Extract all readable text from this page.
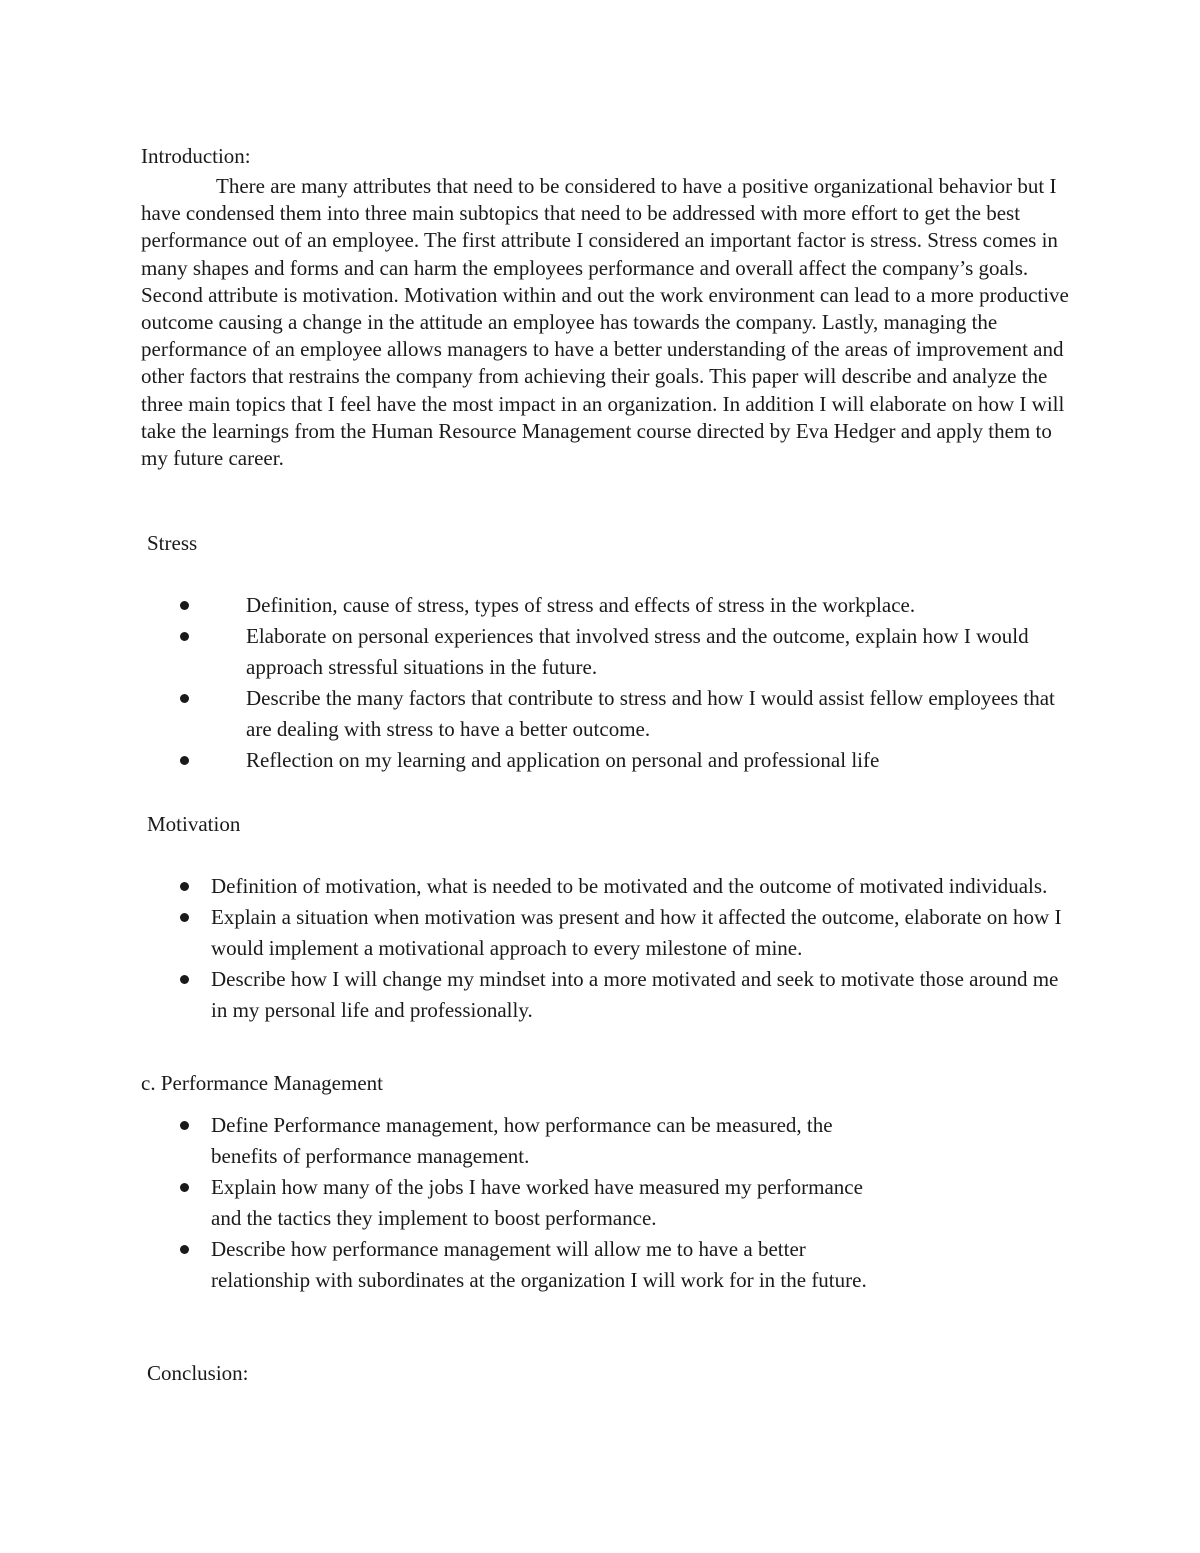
Introduction:

There are many attributes that need to be considered to have a positive organizational behavior but I have condensed them into three main subtopics that need to be addressed with more effort to get the best performance out of an employee. The first attribute I considered an important factor is stress. Stress comes in many shapes and forms and can harm the employees performance and overall affect the company’s goals. Second attribute is motivation. Motivation within and out the work environment can lead to a more productive outcome causing a change in the attitude an employee has towards the company. Lastly, managing the performance of an employee allows managers to have a better understanding of the areas of improvement and other factors that restrains the company from achieving their goals. This paper will describe and analyze the three main topics that I feel have the most impact in an organization. In addition I will elaborate on how I will take the learnings from the Human Resource Management course directed by Eva Hedger and apply them to my future career.

Stress
Definition, cause of stress, types of stress and effects of stress in the workplace.
Elaborate on personal experiences that involved stress and the outcome, explain how I would approach stressful situations in the future.
Describe the many factors that contribute to stress and how I would assist fellow employees that are dealing with stress to have a better outcome.
Reflection on my learning and application on personal and professional life
Motivation
Definition of motivation, what is needed to be motivated and the outcome of motivated individuals.
Explain a situation when motivation was present and how it affected the outcome, elaborate on how I would implement a motivational approach to every milestone of mine.
Describe how I will change my mindset into a more motivated and seek to motivate those around me in my personal life and professionally.
c. Performance Management
Define Performance management, how performance can be measured, the benefits of performance management.
Explain how many of the jobs I have worked have measured my performance and the tactics they implement to boost performance.
Describe how performance management will allow me to have a better relationship with subordinates at the organization I will work for in the future.
Conclusion:
